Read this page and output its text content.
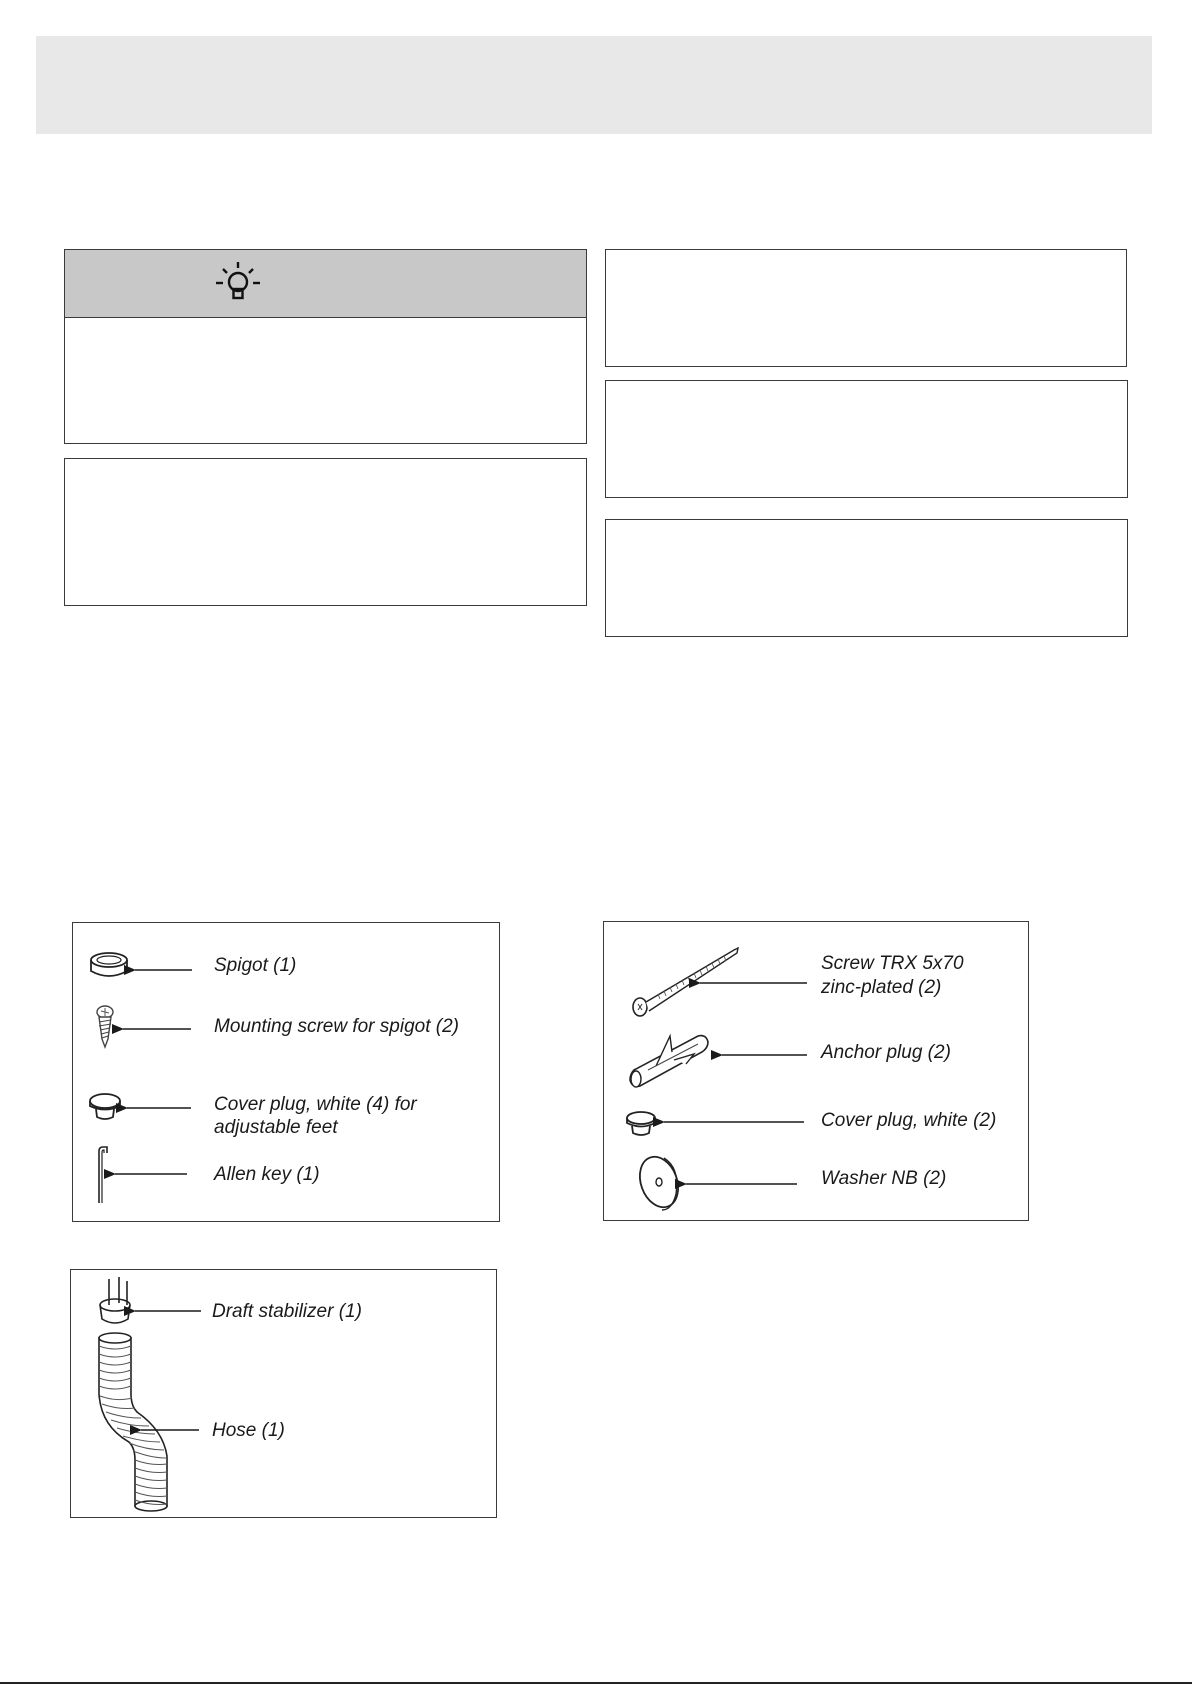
Spigot (1)
Mounting screw for spigot (2)
Cover plug, white (4) for
adjustable feet
Allen key (1)
Screw TRX 5x70
zinc-plated (2)
Anchor plug (2)
Cover plug, white (2)
Washer NB (2)
Draft stabilizer (1)
Hose (1)
